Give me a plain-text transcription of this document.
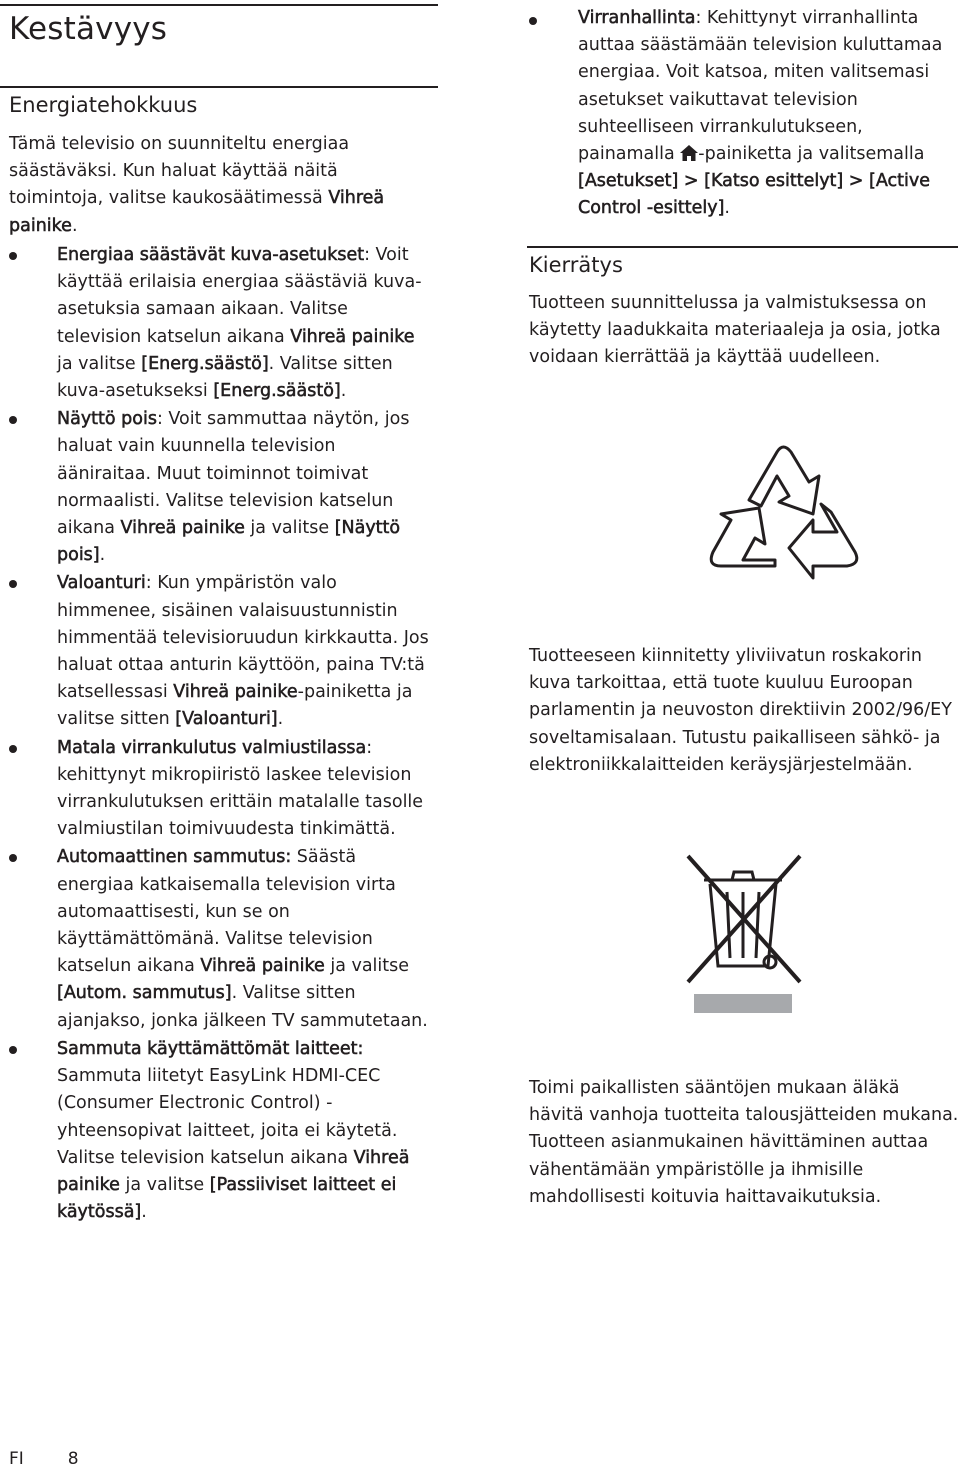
Kestävyys
Energiatehokkuus

Tämä televisio on suunniteltu energiaa säästäväksi. Kun haluat käyttää näitä toimintoja, valitse kaukosäätimessä Vihreä painike.

Energiaa säästävät kuva-asetukset: Voit käyttää erilaisia energiaa säästäviä kuva-asetuksia samaan aikaan. Valitse television katselun aikana Vihreä painike ja valitse [Energ.säästö]. Valitse sitten kuva-asetukseksi [Energ.säästö].
Näyttö pois: Voit sammuttaa näytön, jos haluat vain kuunnella television ääniraitaa. Muut toiminnot toimivat normaalisti. Valitse television katselun aikana Vihreä painike ja valitse [Näyttö pois].
Valoanturi: Kun ympäristön valo himmenee, sisäinen valaisuustunnistin himmentää televisioruudun kirkkautta. Jos haluat ottaa anturin käyttöön, paina TV:tä katsellessasi Vihreä painike-painiketta ja valitse sitten [Valoanturi].
Matala virrankulutus valmiustilassa: kehittynyt mikropiiristö laskee television virrankulutuksen erittäin matalalle tasolle valmiustilan toimivuudesta tinkimättä.
Automaattinen sammutus: Säästä energiaa katkaisemalla television virta automaattisesti, kun se on käyttämättömänä. Valitse television katselun aikana Vihreä painike ja valitse [Autom. sammutus]. Valitse sitten ajanjakso, jonka jälkeen TV sammutetaan.
Sammuta käyttämättömät laitteet: Sammuta liitetyt EasyLink HDMI-CEC (Consumer Electronic Control) -yhteensopivat laitteet, joita ei käytetä. Valitse television katselun aikana Vihreä painike ja valitse [Passiiviset laitteet ei käytössä].
Virranhallinta: Kehittynyt virranhallinta auttaa säästämään television kuluttamaa energiaa. Voit katsoa, miten valitsemasi asetukset vaikuttavat television suhteelliseen virrankulutukseen, painamalla -painiketta ja valitsemalla [Asetukset] > [Katso esittelyt] > [Active Control -esittely].
Kierrätys

Tuotteen suunnittelussa ja valmistuksessa on käytetty laadukkaita materiaaleja ja osia, jotka voidaan kierrättää ja käyttää uudelleen.

Tuotteeseen kiinnitetty yliviivatun roskakorin kuva tarkoittaa, että tuote kuuluu Euroopan parlamentin ja neuvoston direktiivin 2002/96/EY soveltamisalaan. Tutustu paikalliseen sähkö- ja elektroniikkalaitteiden keräysjärjestelmään.

Toimi paikallisten sääntöjen mukaan äläkä hävitä vanhoja tuotteita talousjätteiden mukana. Tuotteen asianmukainen hävittäminen auttaa vähentämään ympäristölle ja ihmisille mahdollisesti koituvia haittavaikutuksia.

FI	8
